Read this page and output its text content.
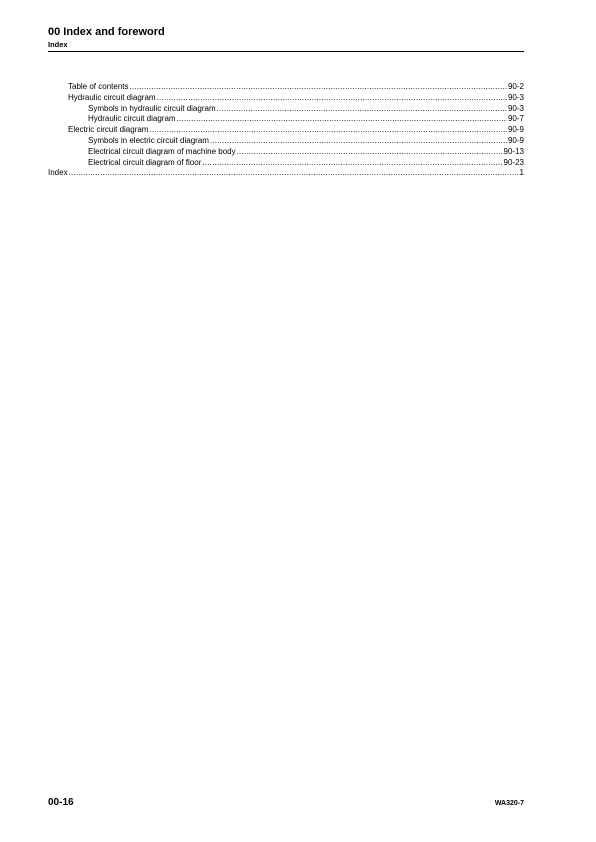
00 Index and foreword
Index
Table of contents .....	90-2
Hydraulic circuit diagram .....	90-3
Symbols in hydraulic circuit diagram .....	90-3
Hydraulic circuit diagram .....	90-7
Electric circuit diagram .....	90-9
Symbols in electric circuit diagram .....	90-9
Electrical circuit diagram of machine body .....	90-13
Electrical circuit diagram of floor .....	90-23
Index .....	1
00-16	WA320-7
